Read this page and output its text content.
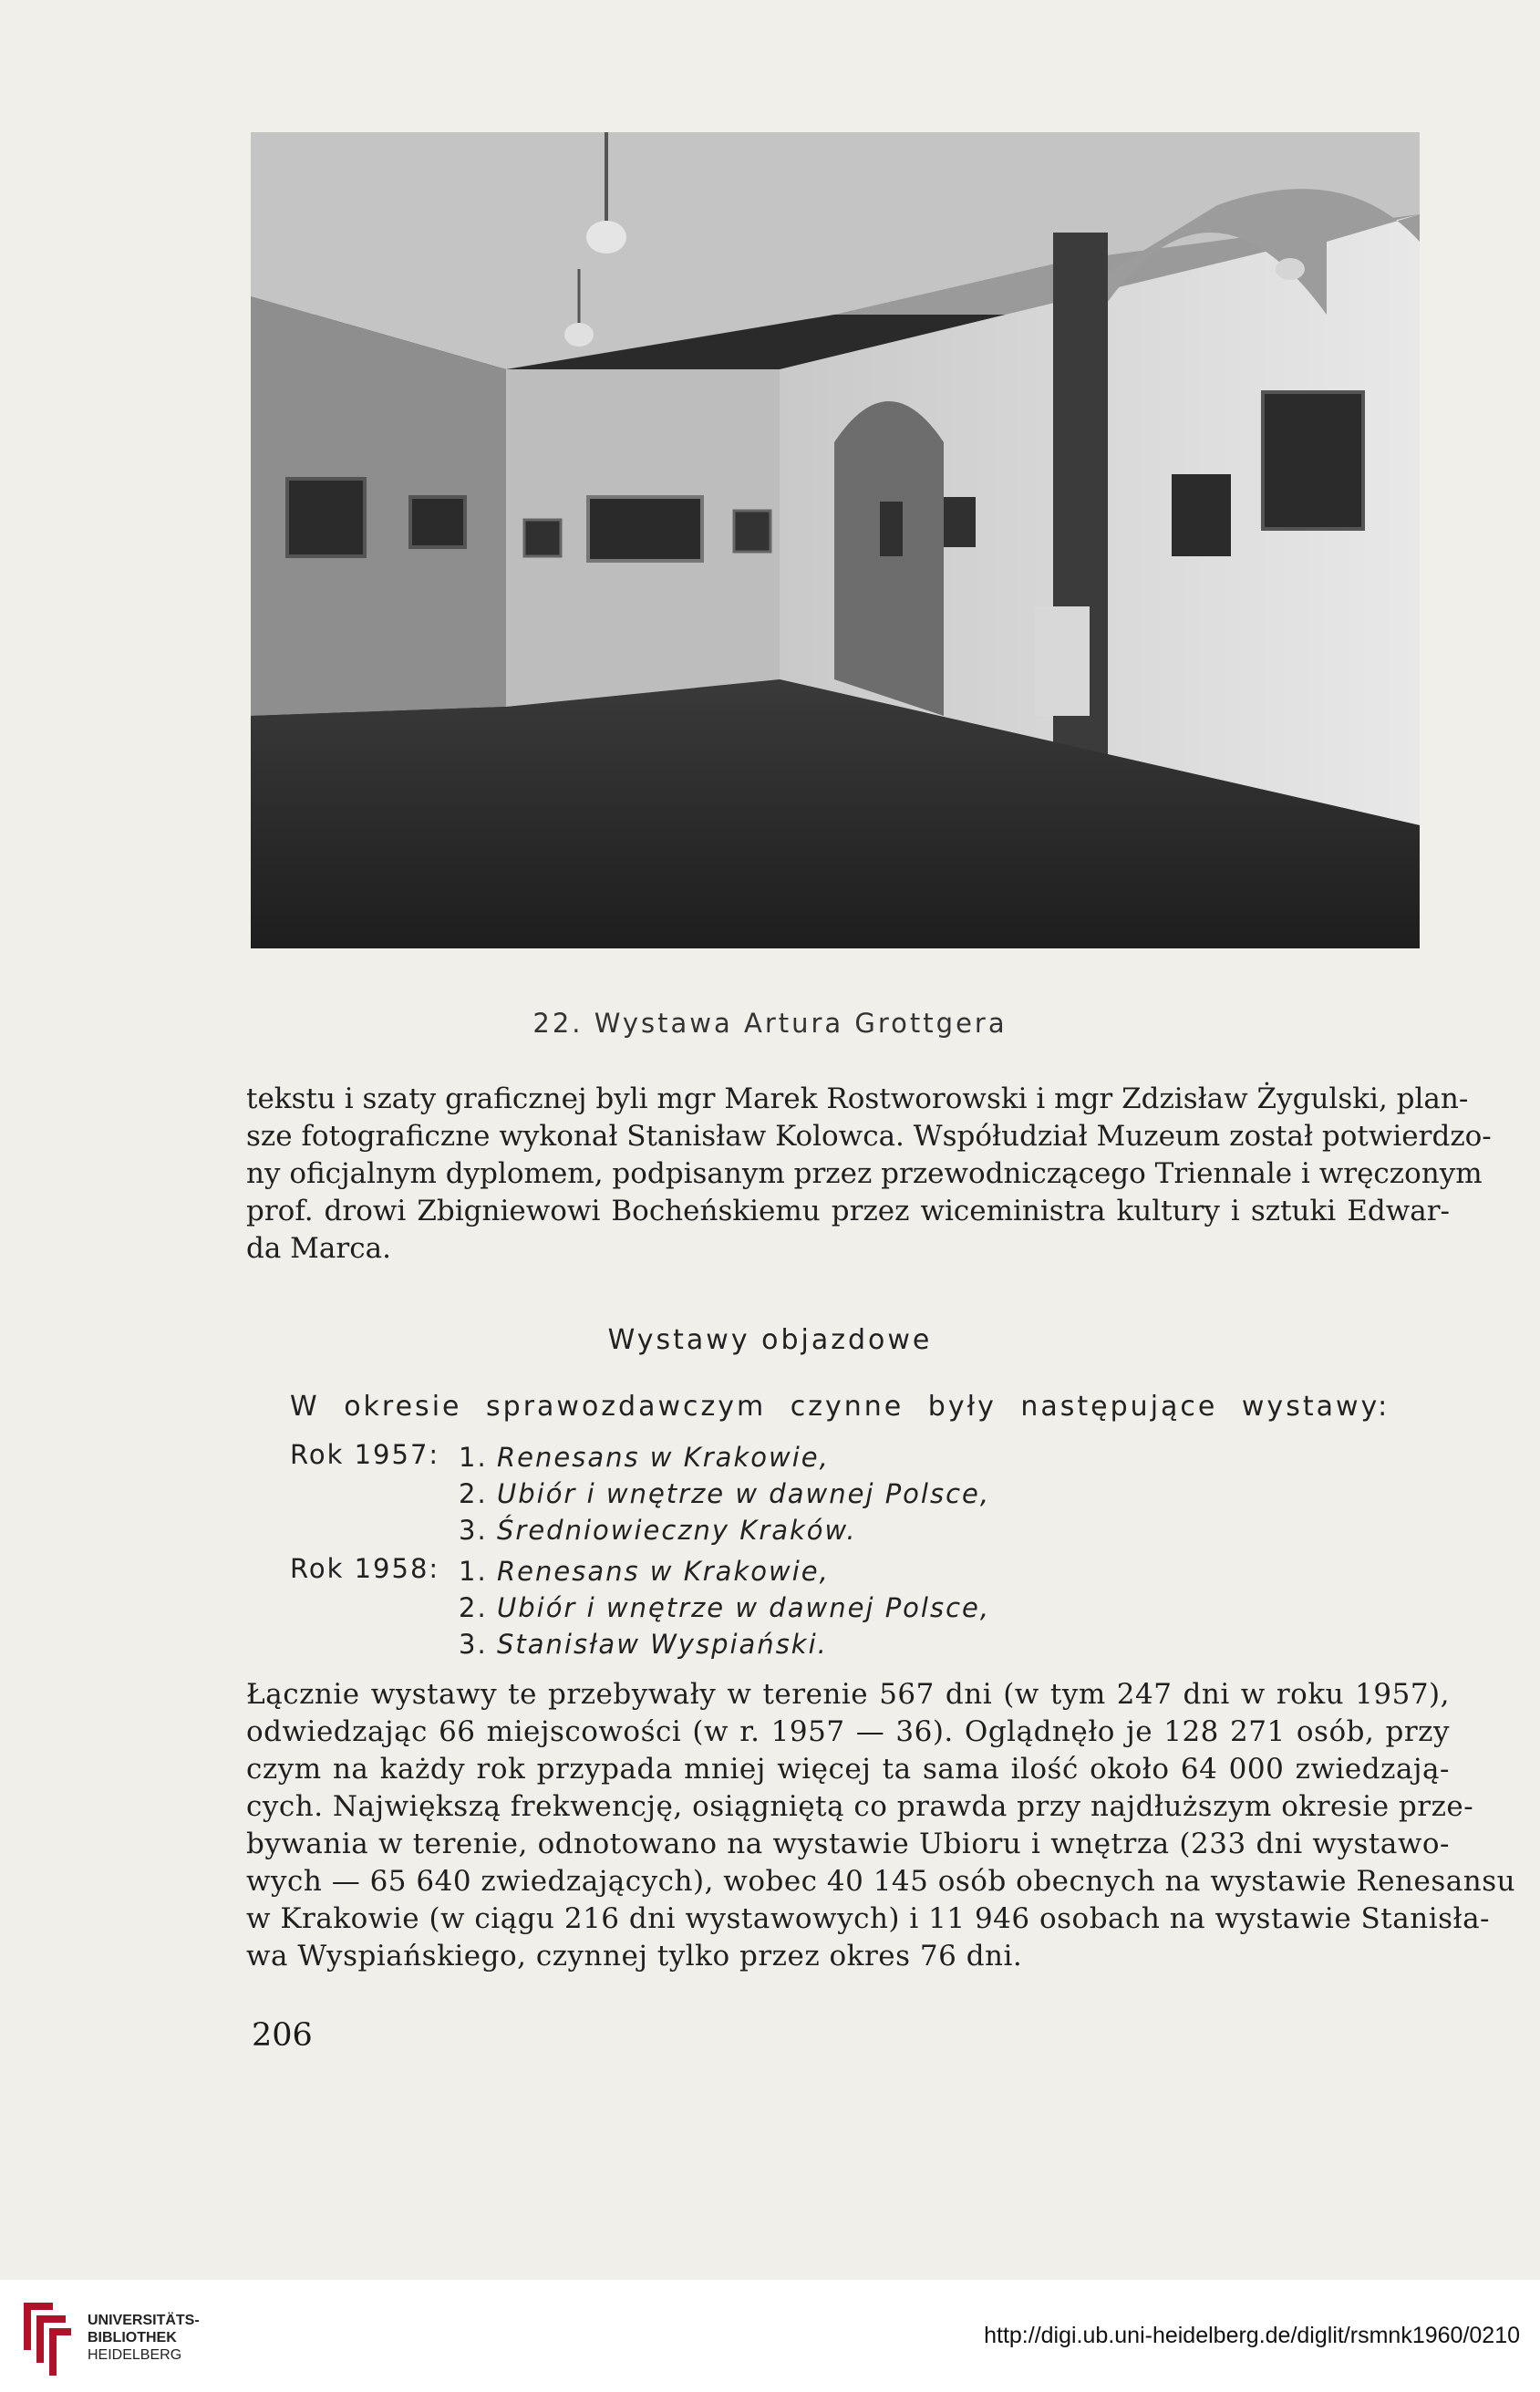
22. Wystawa Artura Grottgera
tekstu i szaty graficznej byli mgr Marek Rostworowski i mgr Zdzisław Żygulski, plan-
sze fotograficzne wykonał Stanisław Kolowca. Współudział Muzeum został potwierdzo-
ny oficjalnym dyplomem, podpisanym przez przewodniczącego Triennale i wręczonym
prof. drowi Zbigniewowi Bocheńskiemu przez wiceministra kultury i sztuki Edwar-
da Marca.
Wystawy objazdowe
W okresie sprawozdawczym czynne były następujące wystawy:
Rok 1957: 1. Renesans w Krakowie,
2. Ubiór i wnętrze w dawnej Polsce,
3. Średniowieczny Kraków.
Rok 1958: 1. Renesans w Krakowie,
2. Ubiór i wnętrze w dawnej Polsce,
3. Stanisław Wyspiański.
Łącznie wystawy te przebywały w terenie 567 dni (w tym 247 dni w roku 1957),
odwiedzając 66 miejscowości (w r. 1957 — 36). Oglądnęło je 128 271 osób, przy
czym na każdy rok przypada mniej więcej ta sama ilość około 64 000 zwiedzają-
cych. Największą frekwencję, osiągniętą co prawda przy najdłuższym okresie prze-
bywania w terenie, odnotowano na wystawie Ubioru i wnętrza (233 dni wystawo-
wych — 65 640 zwiedzających), wobec 40 145 osób obecnych na wystawie Renesansu
w Krakowie (w ciągu 216 dni wystawowych) i 11 946 osobach na wystawie Stanisła-
wa Wyspiańskiego, czynnej tylko przez okres 76 dni.
206
UNIVERSITÄTS-
BIBLIOTHEK
HEIDELBERG
http://digi.ub.uni-heidelberg.de/diglit/rsmnk1960/0210
